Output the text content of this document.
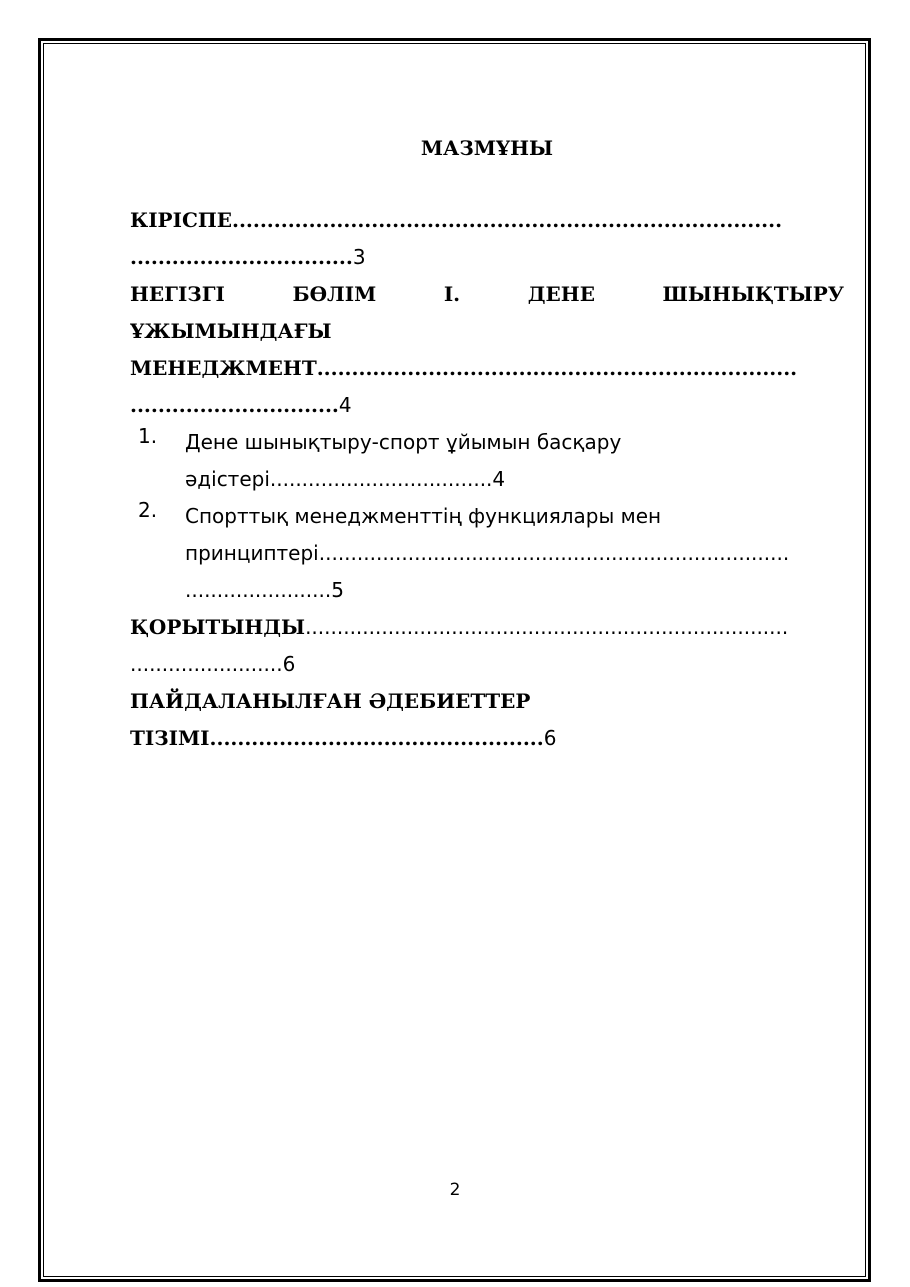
МАЗМҰНЫ
КІРІСПЕ...............................................................................
................................3
НЕГІЗГІ	БӨЛІМ	І.	ДЕНЕ	ШЫНЫҚТЫРУ
ҰЖЫМЫНДАҒЫ
МЕНЕДЖМЕНТ.....................................................................
..............................4
1. Дене шынықтыру-спорт ұйымын басқару
әдістері...................................4
2. Спорттық менеджменттің функциялары мен
принциптері..........................................................................
.......................5
ҚОРЫТЫНДЫ............................................................................
........................6
ПАЙДАЛАНЫЛҒАН ӘДЕБИЕТТЕР
ТІЗІМІ................................................6
2
